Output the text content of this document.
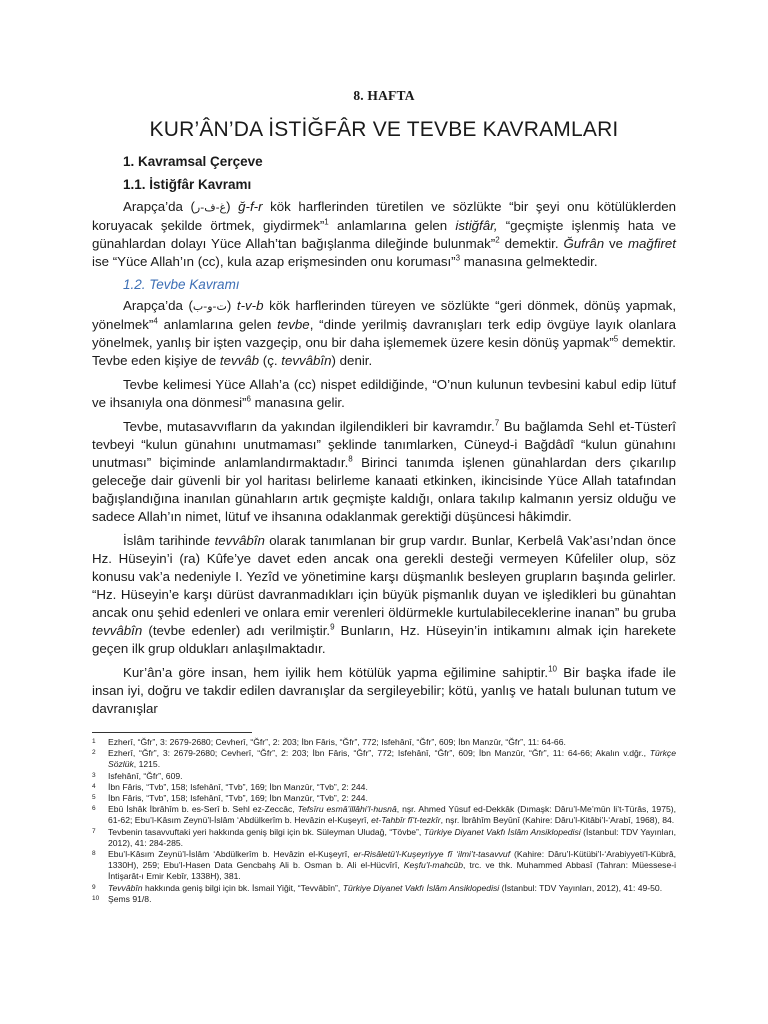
8. HAFTA
KUR’ÂN’DA İSTİĞFÂR VE TEVBE KAVRAMLARI
1. Kavramsal Çerçeve
1.1. İstiğfâr Kavramı

Arapça’da (غ-ف-ر) ğ-f-r kök harflerinden türetilen ve sözlükte “bir şeyi onu kötülüklerden koruyacak şekilde örtmek, giydirmek”$^1$ anlamlarına gelen istiğfâr, “geçmişte işlenmiş hata ve günahlardan dolayı Yüce Allah’tan bağışlanma dileğinde bulunmak”$^2$ demektir. Ğufrân ve mağfiret ise “Yüce Allah’ın (cc), kula azap erişmesinden onu koruması”$^3$ manasına gelmektedir.

1.2. Tevbe Kavramı

Arapça’da (ت-و-ب) t-v-b kök harflerinden türeyen ve sözlükte “geri dönmek, dönüş yapmak, yönelmek”$^4$ anlamlarına gelen tevbe, “dinde yerilmiş davranışları terk edip övgüye layık olanlara yönelmek, yanlış bir işten vazgeçip, onu bir daha işlememek üzere kesin dönüş yapmak”$^5$ demektir. Tevbe eden kişiye de tevvâb (ç. tevvâbîn) denir.

Tevbe kelimesi Yüce Allah’a (cc) nispet edildiğinde, “O’nun kulunun tevbesini kabul edip lütuf ve ihsanıyla ona dönmesi”$^6$ manasına gelir.

Tevbe, mutasavvıfların da yakından ilgilendikleri bir kavramdır.$^7$ Bu bağlamda Sehl et-Tüsterî tevbeyi “kulun günahını unutmaması” şeklinde tanımlarken, Cüneyd-i Bağdâdî “kulun günahını unutması” biçiminde anlamlandırmaktadır.$^8$ Birinci tanımda işlenen günahlardan ders çıkarılıp geleceğe dair güvenli bir yol haritası belirleme kanaati etkinken, ikincisinde Yüce Allah tatafından bağışlandığına inanılan günahların artık geçmişte kaldığı, onlara takılıp kalmanın yersiz olduğu ve sadece Allah’ın nimet, lütuf ve ihsanına odaklanmak gerektiği düşüncesi hâkimdir.

İslâm tarihinde tevvâbîn olarak tanımlanan bir grup vardır. Bunlar, Kerbelâ Vak’ası’ndan önce Hz. Hüseyin’i (ra) Kûfe’ye davet eden ancak ona gerekli desteği vermeyen Kûfeliler olup, söz konusu vak’a nedeniyle I. Yezîd ve yönetimine karşı düşmanlık besleyen grupların başında gelirler. “Hz. Hüseyin’e karşı dürüst davranmadıkları için büyük pişmanlık duyan ve işledikleri bu günahtan ancak onu şehid edenleri ve onlara emir verenleri öldürmekle kurtulabileceklerine inanan” bu gruba tevvâbîn (tevbe edenler) adı verilmiştir.$^9$ Bunların, Hz. Hüseyin’in intikamını almak için harekete geçen ilk grup oldukları anlaşılmaktadır.

Kur’ân’a göre insan, hem iyilik hem kötülük yapma eğilimine sahiptir.$^{10}$ Bir başka ifade ile insan iyi, doğru ve takdir edilen davranışlar da sergileyebilir; kötü, yanlış ve hatalı bulunan tutum ve davranışlar

1	Ezherî, “Ğfr”, 3: 2679-2680; Cevherî, “Ğfr”, 2: 203; İbn Fâris, “Ğfr”, 772; Isfehânî, “Ğfr”, 609; İbn Manzûr, “Ğfr”, 11: 64-66.
2	Ezherî, “Ğfr”, 3: 2679-2680; Cevherî, “Ğfr”, 2: 203; İbn Fâris, “Ğfr”, 772; Isfehânî, “Ğfr”, 609; İbn Manzûr, “Ğfr”, 11: 64-66; Akalın v.dğr., Türkçe Sözlük, 1215.
3	Isfehânî, “Ğfr”, 609.
4	İbn Fâris, “Tvb”, 158; Isfehânî, “Tvb”, 169; İbn Manzûr, “Tvb”, 2: 244.
5	İbn Fâris, “Tvb”, 158; Isfehânî, “Tvb”, 169; İbn Manzûr, “Tvb”, 2: 244.
6	Ebû İshâk İbrâhîm b. es-Serî b. Sehl ez-Zeccâc, Tefsîru esmâ’illâhi’l-husnâ, nşr. Ahmed Yûsuf ed-Dekkâk (Dımaşk: Dâru’l-Me’mûn li’t-Türâs, 1975), 61-62; Ebu’l-Kâsım Zeynü’l-İslâm ‘Abdülkerîm b. Hevâzin el-Kuşeyrî, et-Tahbîr fî’t-tezkîr, nşr. İbrâhîm Beyûnî (Kahire: Dâru’l-Kitâbi’l-‘Arabî, 1968), 84.
7	Tevbenin tasavvuftaki yeri hakkında geniş bilgi için bk. Süleyman Uludağ, “Tövbe”, Türkiye Diyanet Vakfı İslâm Ansiklopedisi (İstanbul: TDV Yayınları, 2012), 41: 284-285.
8	Ebu’l-Kâsım Zeynü’l-İslâm ‘Abdülkerîm b. Hevâzin el-Kuşeyrî, er-Risâletü’l-Kuşeyriyye fî ‘ilmi’t-tasavvuf (Kahire: Dâru’l-Kütübi’l-‘Arabiyyeti’l-Kübrâ, 1330H), 259; Ebu’l-Hasen Data Gencbahş Ali b. Osman b. Ali el-Hücvîrî, Keşfu’l-mahcûb, trc. ve thk. Muhammed Abbasî (Tahran: Müessese-i İntişarât-ı Emir Kebîr, 1338H), 381.
9	Tevvâbîn hakkında geniş bilgi için bk. İsmail Yiğit, “Tevvâbîn”, Türkiye Diyanet Vakfı İslâm Ansiklopedisi (İstanbul: TDV Yayınları, 2012), 41: 49-50.
10	Şems 91/8.
